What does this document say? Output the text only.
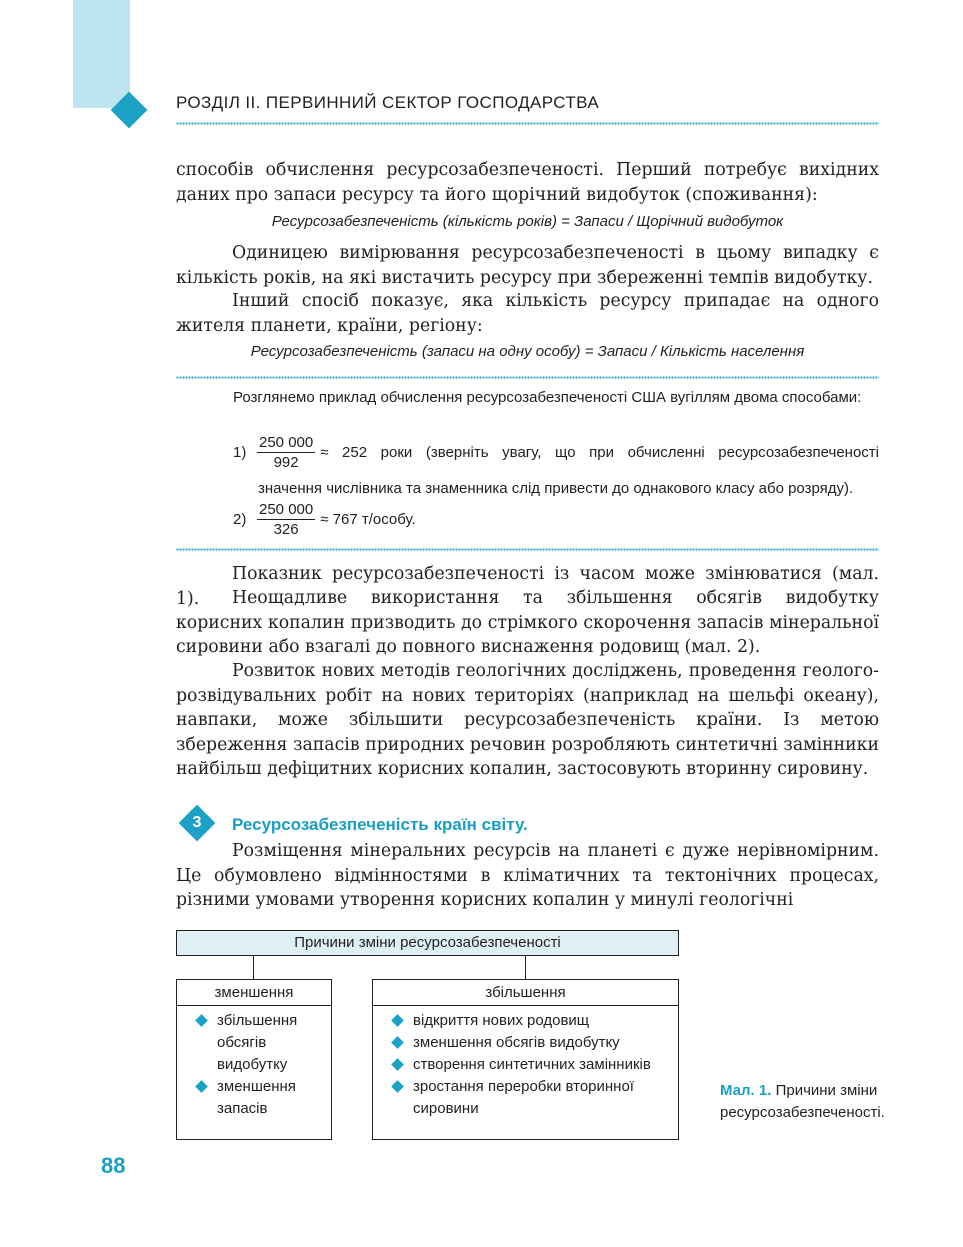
РОЗДІЛ ІІ. ПЕРВИННИЙ СЕКТОР ГОСПОДАРСТВА

способів обчислення ресурсозабезпеченості. Перший потребує вихідних даних про запаси ресурсу та його щорічний видобуток (споживання):

Ресурсозабезпеченість (кількість років) = Запаси / Щорічний видобуток

Одиницею вимірювання ресурсозабезпеченості в цьому випадку є кількість років, на які вистачить ресурсу при збереженні темпів видобутку.

Інший спосіб показує, яка кількість ресурсу припадає на одного жителя планети, країни, регіону:

Ресурсозабезпеченість (запаси на одну особу) = Запаси / Кількість населення
Розглянемо приклад обчислення ресурсозабезпеченості США вугіллям двома способами:
$1) \frac{250 000}{992} \approx 252$ роки (зверніть увагу, що при обчисленні ресурсозабезпеченості
значення числівника та знаменника слід привести до однакового класу або розряду).
$2) \frac{250 000}{326} \approx 767$ т/особу.

Показник ресурсозабезпеченості із часом може змінюватися (мал. 1).	Неощадливе використання та збільшення обсягів видобутку корисних копалин призводить до стрімкого скорочення запасів мінеральної сировини або взагалі до повного виснаження родовищ (мал. 2).

Розвиток нових методів геологічних досліджень, проведення геолого-розвідувальних робіт на нових територіях (наприклад на шельфі океану), навпаки, може збільшити ресурсозабезпеченість країни. Із метою збереження запасів природних речовин розробляють синтетичні замінники найбільш дефіцитних корисних копалин, застосовують вторинну сировину.

3	Ресурсозабезпеченість країн світу.

Розміщення мінеральних ресурсів на планеті є дуже нерівномірним. Це обумовлено відмінностями в кліматичних та тектонічних процесах, різними умовами утворення корисних копалин у минулі геологічні

Причини зміни ресурсозабезпеченості
зменшення
збільшення обсягів видобутку
зменшення запасів
збільшення
відкриття нових родовищ
зменшення обсягів видобутку
створення синтетичних замінників
зростання переробки вторинної сировини
Мал. 1. Причини зміни ресурсозабезпеченості.
88
